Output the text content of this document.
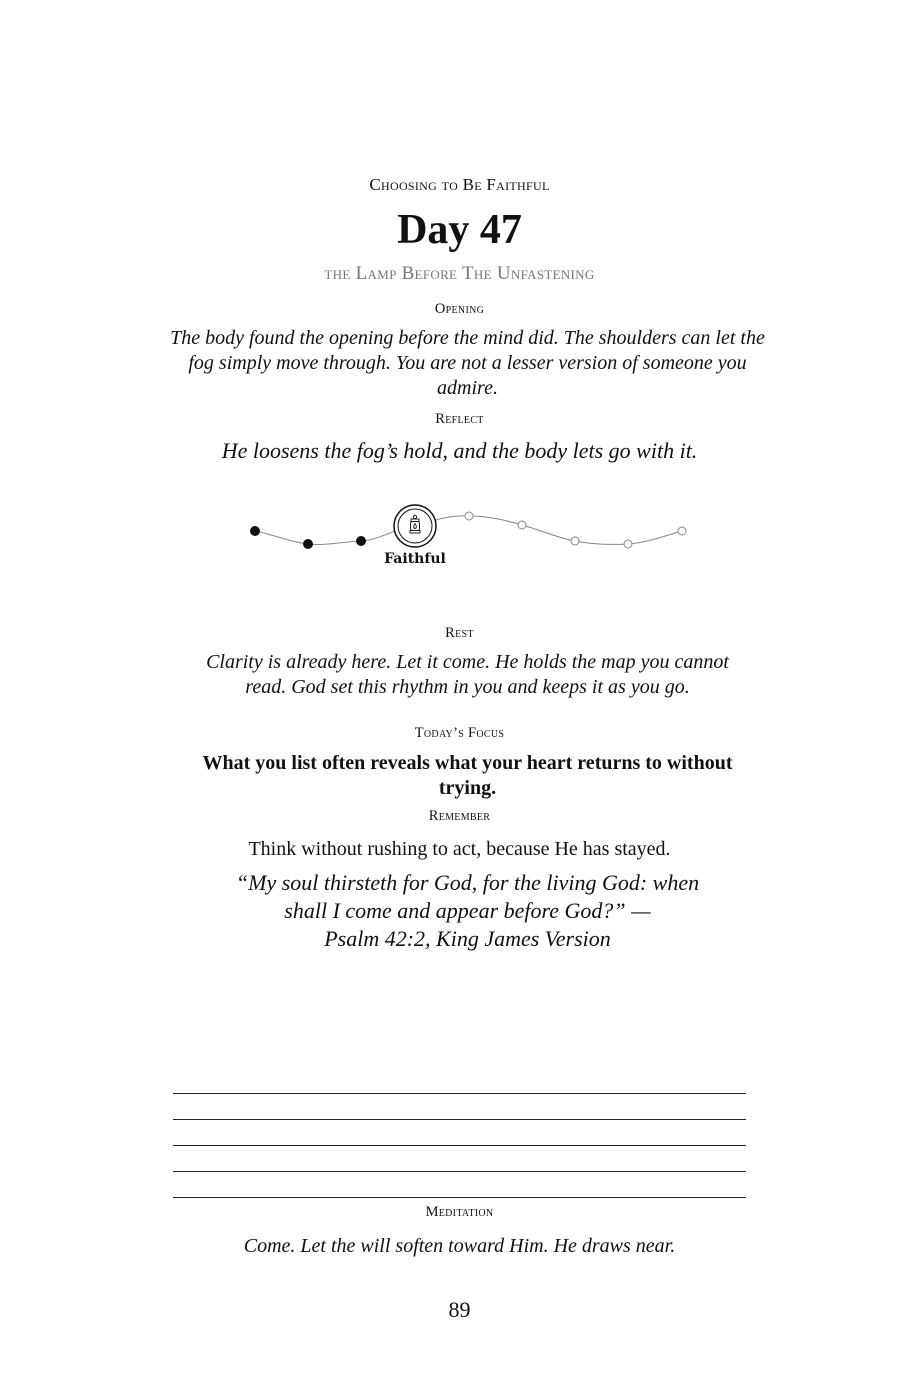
Choosing to Be Faithful
Day 47
the Lamp Before The Unfastening
Opening
The body found the opening before the mind did. The shoulders can let the fog simply move through. You are not a lesser version of someone you admire.
Reflect
He loosens the fog’s hold, and the body lets go with it.
Faithful
Rest
Clarity is already here. Let it come. He holds the map you cannot read. God set this rhythm in you and keeps it as you go.
Today’s Focus
What you list often reveals what your heart returns to without trying.
Remember
Think without rushing to act, because He has stayed.
“My soul thirsteth for God, for the living God: when
shall I come and appear before God?” —
Psalm 42:2, King James Version
Meditation
Come. Let the will soften toward Him. He draws near.
89
